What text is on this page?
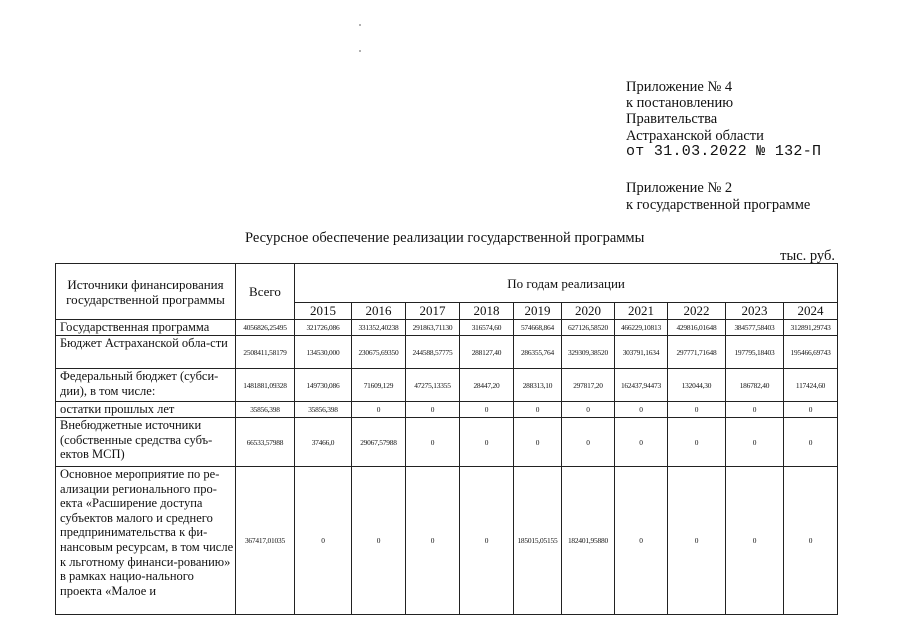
Приложение № 4
к постановлению
Правительства
Астраханской области
от 31.03.2022 № 132-П
Приложение № 2
к государственной программе
Ресурсное обеспечение реализации государственной программы
тыс. руб.
Источники финансирования государственной программы	Всего	По годам реализации									
		2015	2016	2017	2018	2019	2020	2021	2022	2023	2024
Государственная программа	4056826,25495	321726,086	331352,40238	291863,71130	316574,60	574668,864	627126,58520	466229,10813	429816,01648	384577,58403	312891,29743
Бюджет Астраханской обла-сти	2508411,58179	134530,000	230675,69350	244588,57775	288127,40	286355,764	329309,38520	303791,1634	297771,71648	197795,18403	195466,69743
Федеральный бюджет (субси-дии), в том числе:	1481881,09328	149730,086	71609,129	47275,13355	28447,20	288313,10	297817,20	162437,94473	132044,30	186782,40	117424,60
остатки прошлых лет	35856,398	35856,398	0	0	0	0	0	0	0	0	0
Внебюджетные источники (собственные средства субъ-ектов МСП)	66533,57988	37466,0	29067,57988	0	0	0	0	0	0	0	0
Основное мероприятие по ре-ализации регионального про-екта «Расширение доступа субъектов малого и среднего предпринимательства к фи-нансовым ресурсам, в том числе к льготному финанси-рованию» в рамках нацио-нального проекта «Малое и	367417,01035	0	0	0	0	185015,05155	182401,95880	0	0	0	0
